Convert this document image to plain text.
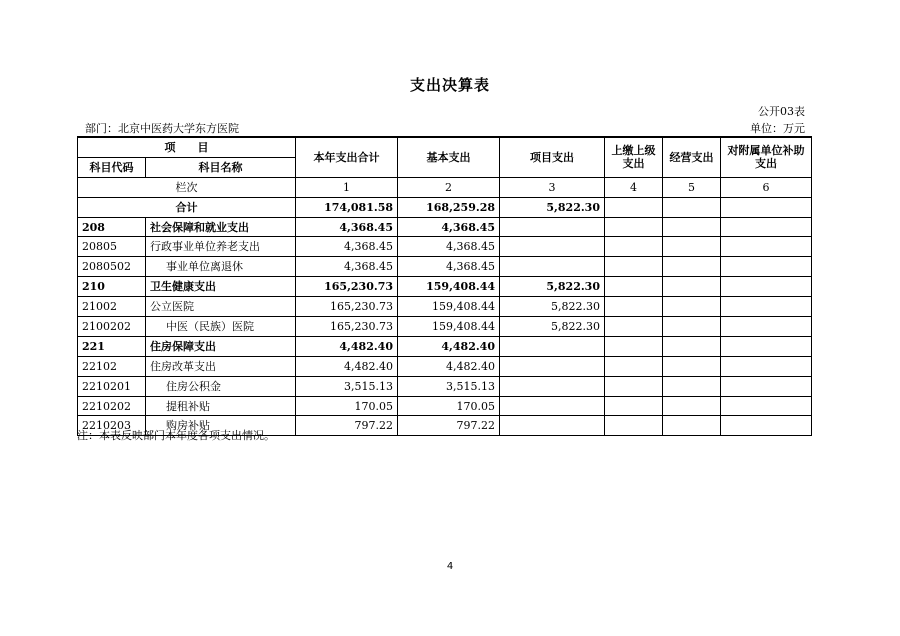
支出决算表
公开03表
部门：北京中医药大学东方医院	单位：万元
项　　目		本年支出合计	基本支出	项目支出	上缴上级支出	经营支出	对附属单位补助支出
科目代码	科目名称						
栏次		1	2	3	4	5	6
合计		174,081.58	168,259.28	5,822.30			
208	社会保障和就业支出	4,368.45	4,368.45				
20805	行政事业单位养老支出	4,368.45	4,368.45				
2080502	事业单位离退休	4,368.45	4,368.45				
210	卫生健康支出	165,230.73	159,408.44	5,822.30			
21002	公立医院	165,230.73	159,408.44	5,822.30			
2100202	中医（民族）医院	165,230.73	159,408.44	5,822.30			
221	住房保障支出	4,482.40	4,482.40				
22102	住房改革支出	4,482.40	4,482.40				
2210201	住房公积金	3,515.13	3,515.13				
2210202	提租补贴	170.05	170.05				
2210203	购房补贴	797.22	797.22				
注：本表反映部门本年度各项支出情况。
4
